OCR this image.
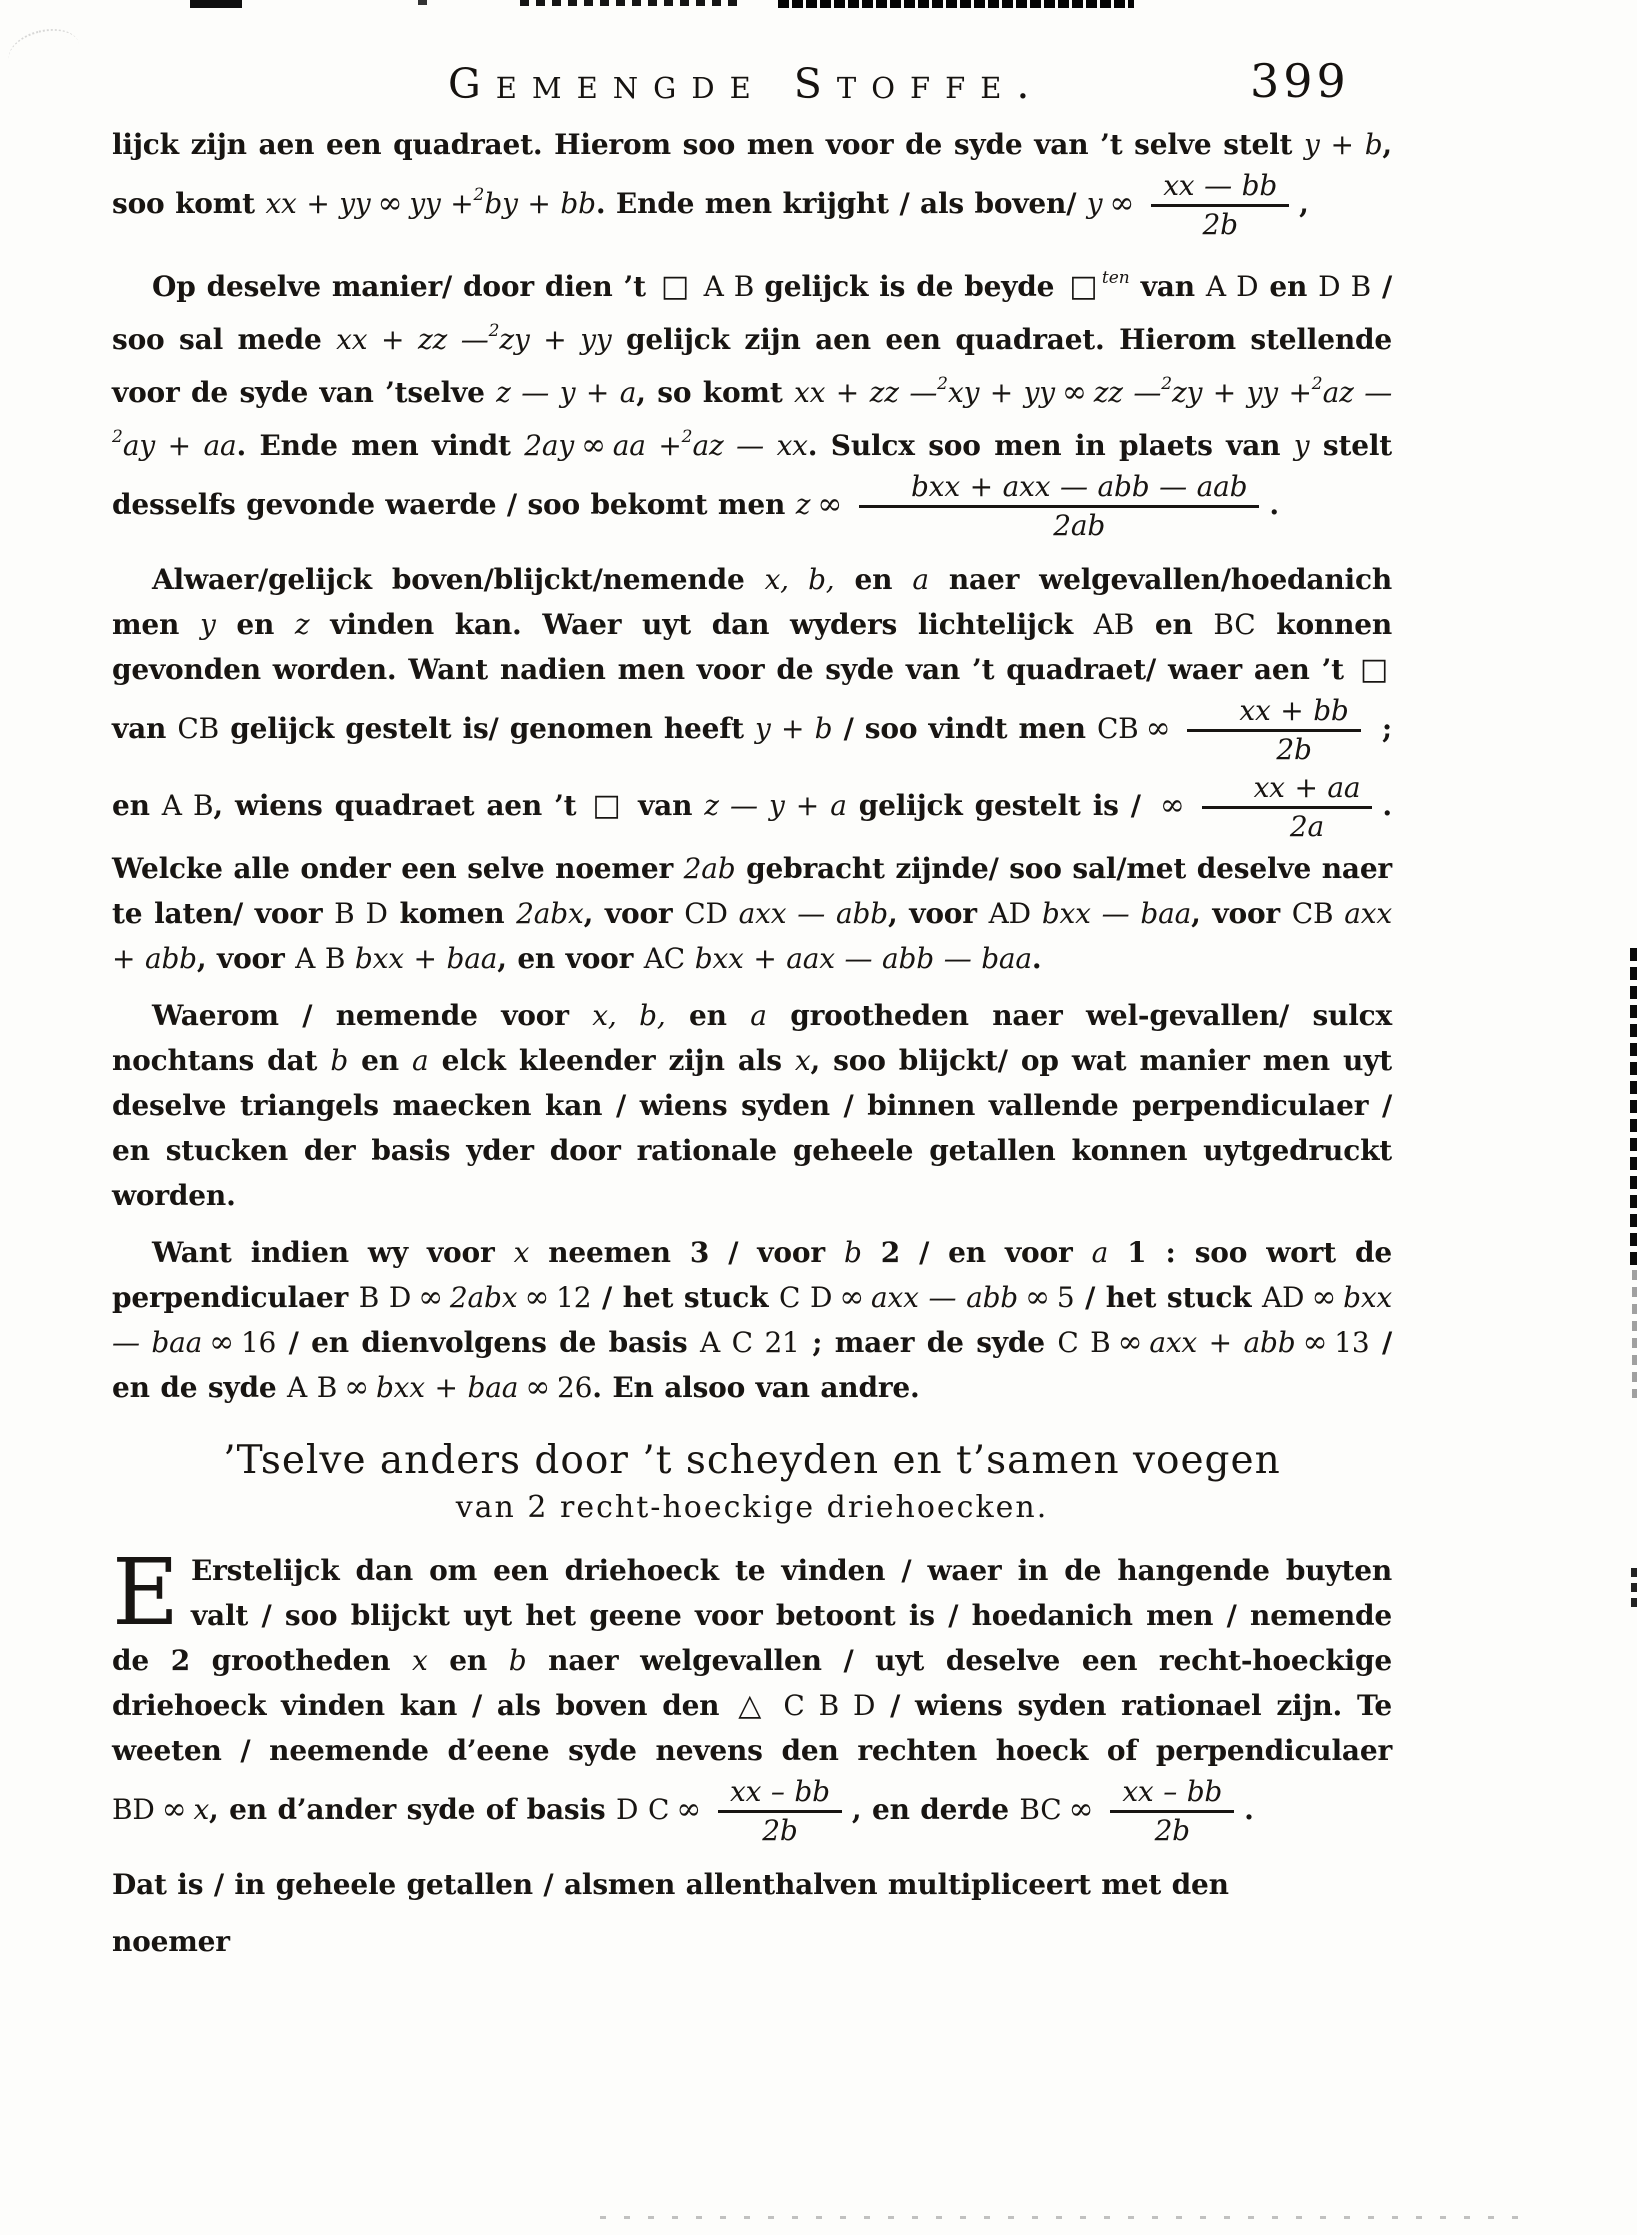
Gemengde Stoffe.	399

lijck zijn aen een quadraet. Hierom soo men voor de syde van ’t selve stelt y + b, soo komt xx + yy ∞ yy +$^2$by + bb. Ende men krijght / als boven/ y ∞ $\frac{xx — bb}{2b}$ ,

Op deselve manier/ door dien ’t □ A B gelijck is de beyde □ $^{ten}$ van A D en D B / soo sal mede xx + zz —$^2$zy + yy gelijck zijn aen een quadraet. Hierom stellende voor de syde van ’tselve z — y + a, so komt xx + zz —$^2$xy + yy ∞ zz —$^2$zy + yy +$^2$az —$^2$ay + aa. Ende men vindt 2ay ∞ aa +$^2$az — xx. Sulcx soo men in plaets van y stelt desselfs gevonde waerde / soo bekomt men z ∞ $\frac{\text{bxx + axx — abb — aab}}{2ab}$ .

Alwaer/gelijck boven/blijckt/nemende x, b, en a naer welgevallen/hoedanich men y en z vinden kan. Waer uyt dan wyders lichtelijck AB en BC konnen gevonden worden. Want nadien men voor de syde van ’t quadraet/ waer aen ’t □ van CB gelijck gestelt is/ genomen heeft y + b / soo vindt men CB ∞ $\frac{xx + bb}{2b}$ ; en A B, wiens quadraet aen ’t □ van z — y + a gelijck gestelt is / ∞ $\frac{xx + aa}{2a}$ . Welcke alle onder een selve noemer 2ab gebracht zijnde/ soo sal/met deselve naer te laten/ voor B D komen 2abx, voor CD axx — abb, voor AD bxx — baa, voor CB axx + abb, voor A B bxx + baa, en voor AC bxx + aax — abb — baa.

Waerom / nemende voor x, b, en a grootheden naer wel-gevallen/ sulcx nochtans dat b en a elck kleender zijn als x, soo blijckt/ op wat manier men uyt deselve triangels maecken kan / wiens syden / binnen vallende perpendiculaer / en stucken der basis yder door rationale geheele getallen konnen uytgedruckt worden.

Want indien wy voor x neemen 3 / voor b 2 / en voor a 1 : soo wort de perpendiculaer B D ∞ 2abx ∞ 12 / het stuck C D ∞ axx — abb ∞ 5 / het stuck AD ∞ bxx — baa ∞ 16 / en dienvolgens de basis A C 21 ; maer de syde C B ∞ axx + abb ∞ 13 / en de syde A B ∞ bxx + baa ∞ 26. En alsoo van andre.

’Tselve anders door ’t scheyden en t’samen voegen
van 2 recht-hoeckige driehoecken.

E Erstelijck dan om een driehoeck te vinden / waer in de hangende buyten valt / soo blijckt uyt het geene voor betoont is / hoedanich men / nemende de 2 grootheden x en b naer welgevallen / uyt deselve een recht-hoeckige driehoeck vinden kan / als boven den △ C B D / wiens syden rationael zijn. Te weeten / neemende d’eene syde nevens den rechten hoeck of perpendiculaer BD ∞ x, en d’ander syde of basis D C ∞ $\frac{xx - bb}{2b}$ , en derde BC ∞ $\frac{xx - bb}{2b}$ .

Dat is / in geheele getallen / alsmen allenthalven multipliceert met den

noemer
